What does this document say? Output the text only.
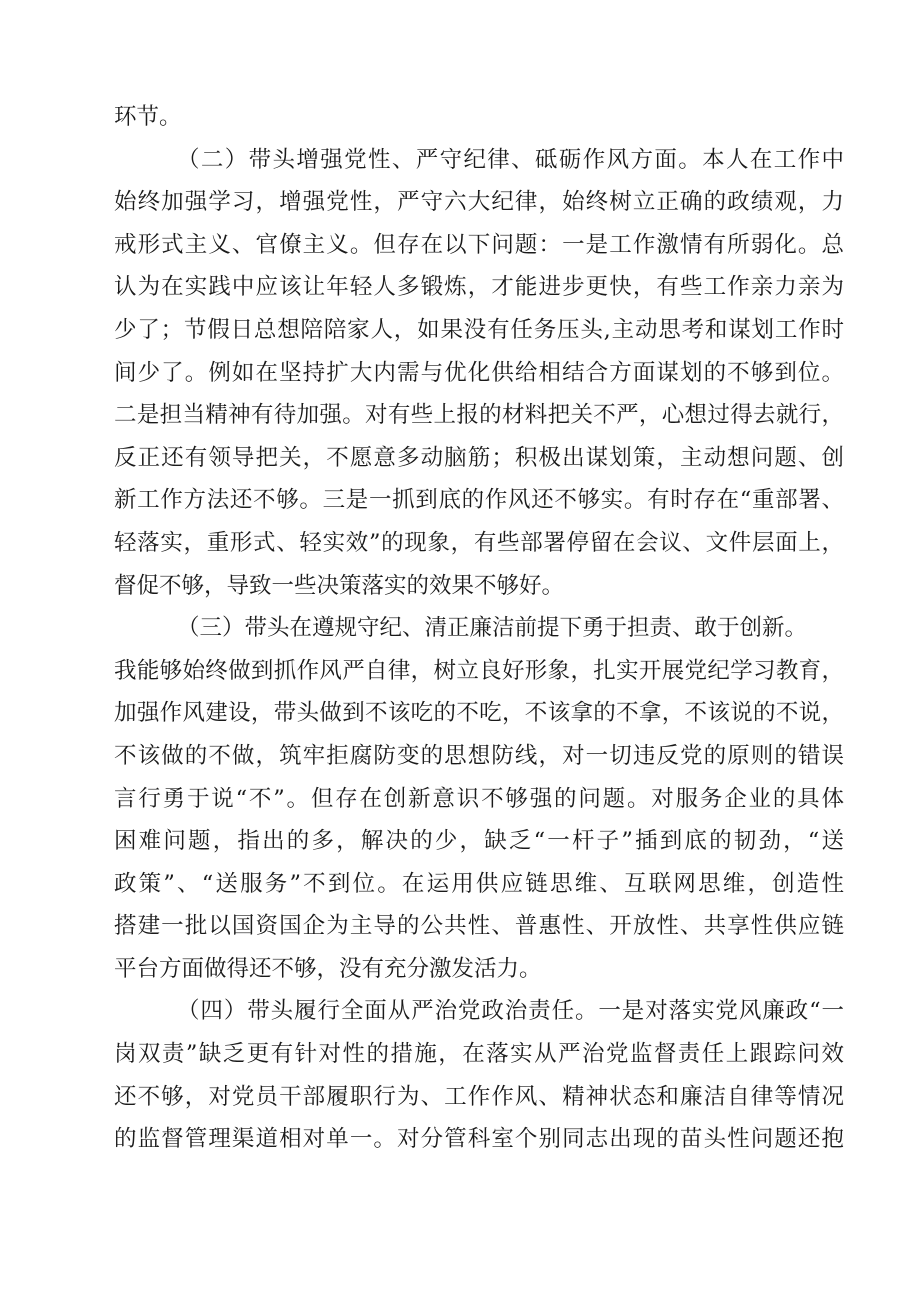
环节。
（二）带头增强党性、严守纪律、砥砺作风方面。本人在工作中
始终加强学习，增强党性，严守六大纪律，始终树立正确的政绩观，力
戒形式主义、官僚主义。但存在以下问题：一是工作激情有所弱化。总
认为在实践中应该让年轻人多锻炼，才能进步更快，有些工作亲力亲为
少了；节假日总想陪陪家人，如果没有任务压头,主动思考和谋划工作时
间少了。例如在坚持扩大内需与优化供给相结合方面谋划的不够到位。
二是担当精神有待加强。对有些上报的材料把关不严，心想过得去就行，
反正还有领导把关，不愿意多动脑筋；积极出谋划策，主动想问题、创
新工作方法还不够。三是一抓到底的作风还不够实。有时存在“重部署、
轻落实，重形式、轻实效”的现象，有些部署停留在会议、文件层面上，
督促不够，导致一些决策落实的效果不够好。
（三）带头在遵规守纪、清正廉洁前提下勇于担责、敢于创新。
我能够始终做到抓作风严自律，树立良好形象，扎实开展党纪学习教育，
加强作风建设，带头做到不该吃的不吃，不该拿的不拿，不该说的不说，
不该做的不做，筑牢拒腐防变的思想防线，对一切违反党的原则的错误
言行勇于说“不”。但存在创新意识不够强的问题。对服务企业的具体
困难问题，指出的多，解决的少，缺乏“一杆子”插到底的韧劲，“送
政策”、“送服务”不到位。在运用供应链思维、互联网思维，创造性
搭建一批以国资国企为主导的公共性、普惠性、开放性、共享性供应链
平台方面做得还不够，没有充分激发活力。
（四）带头履行全面从严治党政治责任。一是对落实党风廉政“一
岗双责”缺乏更有针对性的措施，在落实从严治党监督责任上跟踪问效
还不够，对党员干部履职行为、工作作风、精神状态和廉洁自律等情况
的监督管理渠道相对单一。对分管科室个别同志出现的苗头性问题还抱
